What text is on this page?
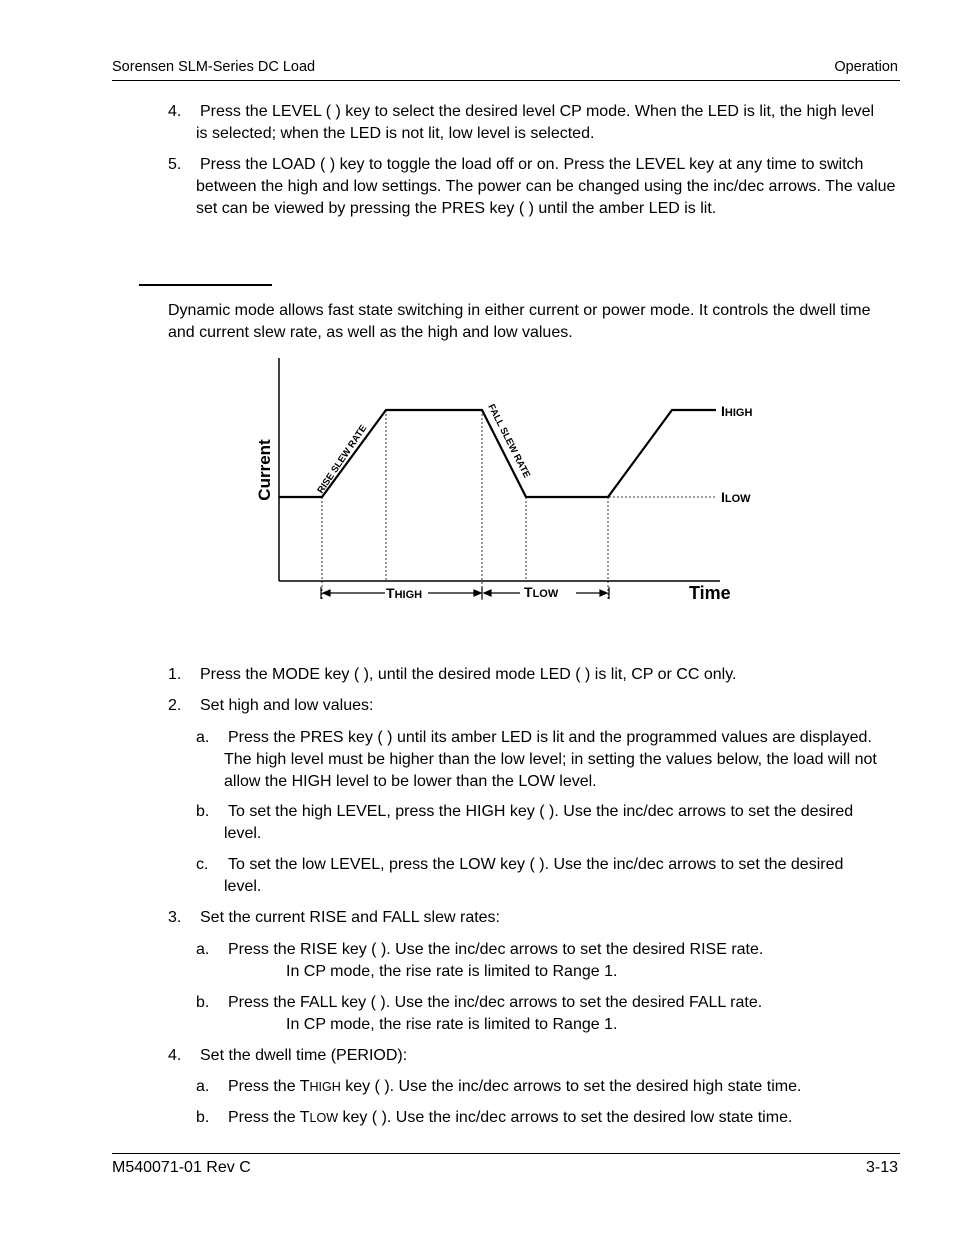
Sorensen SLM-Series DC Load	Operation
4. Press the LEVEL ( ) key to select the desired level CP mode. When the LED is lit, the high level is selected; when the LED is not lit, low level is selected.
5. Press the LOAD ( ) key to toggle the load off or on. Press the LEVEL key at any time to switch between the high and low settings. The power can be changed using the inc/dec arrows. The value set can be viewed by pressing the PRES key ( ) until the amber LED is lit.
Dynamic mode allows fast state switching in either current or power mode. It controls the dwell time and current slew rate, as well as the high and low values.
Current	RISE SLEW RATE	FALL SLEW RATE	IHIGH
ILOW
THIGH	TLOW	Time
1. Press the MODE key ( ), until the desired mode LED ( ) is lit, CP or CC only.
2. Set high and low values:
a. Press the PRES key ( ) until its amber LED is lit and the programmed values are displayed. The high level must be higher than the low level; in setting the values below, the load will not allow the HIGH level to be lower than the LOW level.
b. To set the high LEVEL, press the HIGH key ( ). Use the inc/dec arrows to set the desired level.
c. To set the low LEVEL, press the LOW key ( ). Use the inc/dec arrows to set the desired level.
3. Set the current RISE and FALL slew rates:
a. Press the RISE key ( ). Use the inc/dec arrows to set the desired RISE rate.
In CP mode, the rise rate is limited to Range 1.
b. Press the FALL key ( ). Use the inc/dec arrows to set the desired FALL rate.
In CP mode, the rise rate is limited to Range 1.
4. Set the dwell time (PERIOD):
a. Press the THIGH key ( ). Use the inc/dec arrows to set the desired high state time.
b. Press the TLOW key ( ). Use the inc/dec arrows to set the desired low state time.
M540071-01 Rev C	3-13
